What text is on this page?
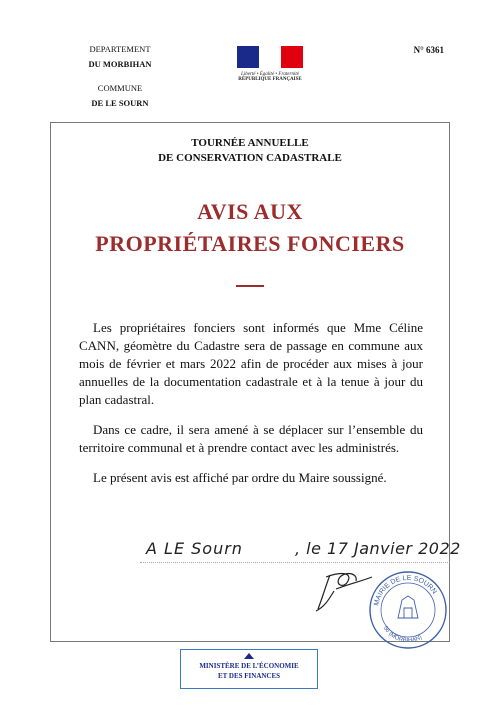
DEPARTEMENT
DU MORBIHAN
COMMUNE
DE LE SOURN
Liberté • Égalité • Fraternité
RÉPUBLIQUE FRANÇAISE
N° 6361
TOURNÉE ANNUELLE
DE CONSERVATION CADASTRALE
AVIS AUX
PROPRIÉTAIRES FONCIERS

Les propriétaires fonciers sont informés que Mme Céline CANN, géomètre du Cadastre sera de passage en commune aux mois de février et mars 2022 afin de procéder aux mises à jour annuelles de la documentation cadastrale et à la tenue à jour du plan cadastral.

Dans ce cadre, il sera amené à se déplacer sur l’ensemble du territoire communal et à prendre contact avec les administrés.

Le présent avis est affiché par ordre du Maire soussigné.

A LE Sourn	, le 17 Janvier 2022
MAIRIE DE LE SOURN
56 (MORBIHAN)
MINISTÈRE DE L’ÉCONOMIE
ET DES FINANCES
